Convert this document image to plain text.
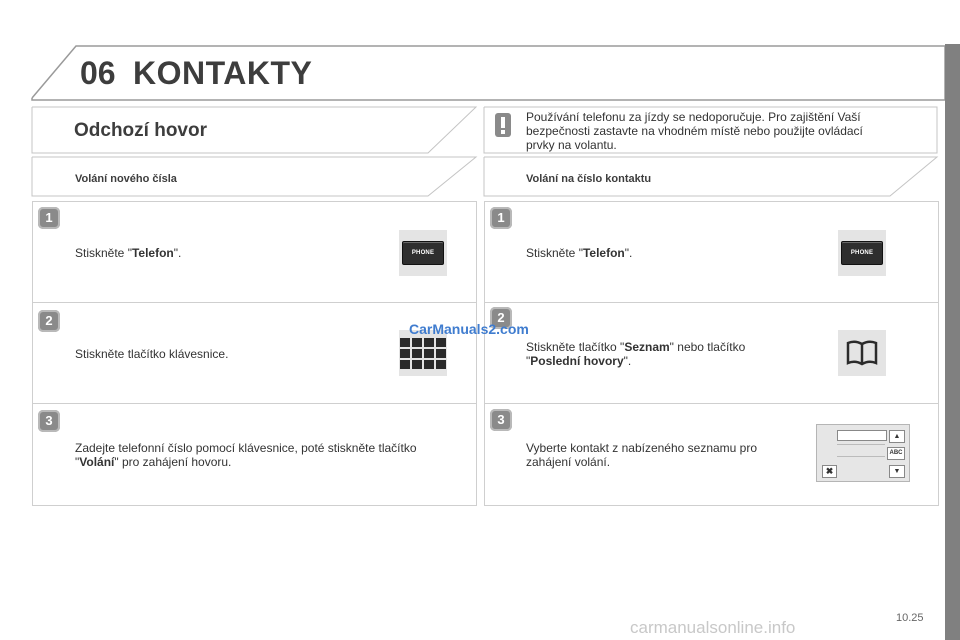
06 KONTAKTY
Odchozí hovor
Používání telefonu za jízdy se nedoporučuje. Pro zajištění Vaší bezpečnosti zastavte na vhodném místě nebo použijte ovládací prvky na volantu.
Volání nového čísla	Volání na číslo kontaktu
1
Stiskněte "Telefon".	PHONE
2
Stiskněte tlačítko klávesnice.
3
Zadejte telefonní číslo pomocí klávesnice, poté stiskněte tlačítko "Volání" pro zahájení hovoru.
1
Stiskněte "Telefon".	PHONE
2
Stiskněte tlačítko "Seznam" nebo tlačítko "Poslední hovory".
3
Vyberte kontakt z nabízeného seznamu pro zahájení volání.
▲
ABC
▼
✖
CarManuals2.com
carmanualsonline.info	10.25
